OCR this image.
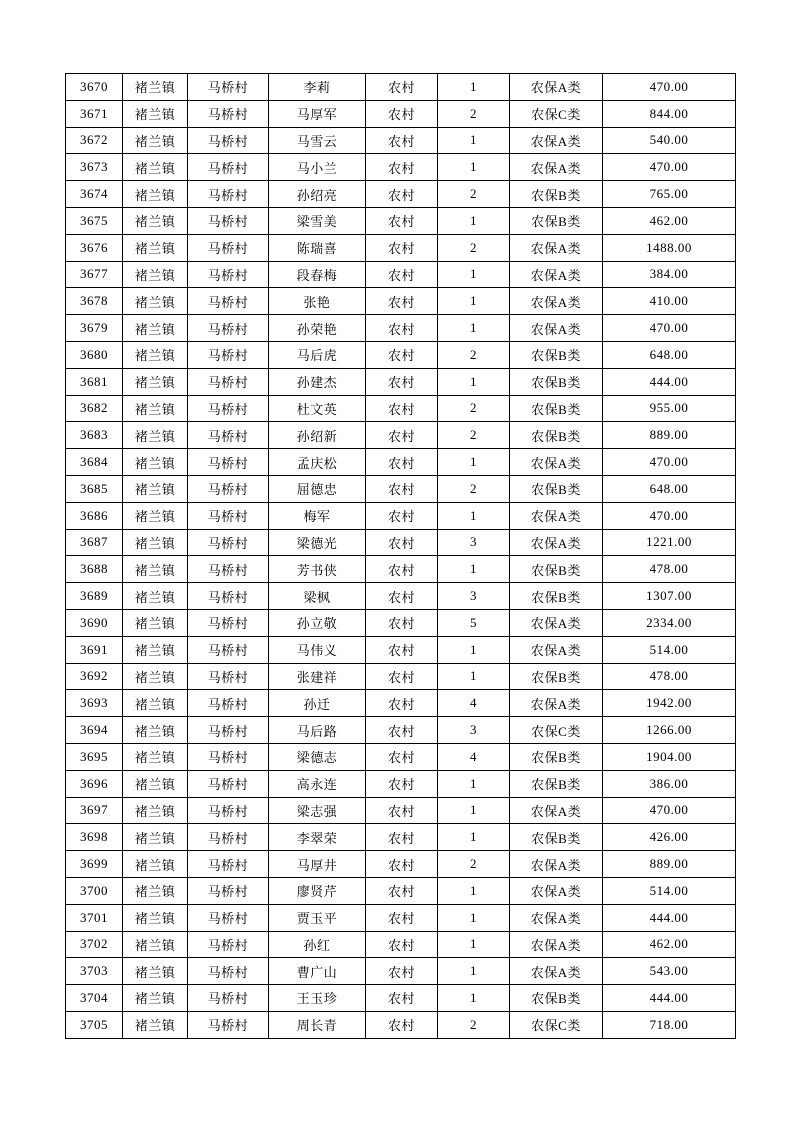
3670	褚兰镇	马桥村	李莉	农村	1	农保A类	470.00
3671	褚兰镇	马桥村	马厚军	农村	2	农保C类	844.00
3672	褚兰镇	马桥村	马雪云	农村	1	农保A类	540.00
3673	褚兰镇	马桥村	马小兰	农村	1	农保A类	470.00
3674	褚兰镇	马桥村	孙绍亮	农村	2	农保B类	765.00
3675	褚兰镇	马桥村	梁雪美	农村	1	农保B类	462.00
3676	褚兰镇	马桥村	陈瑞喜	农村	2	农保A类	1488.00
3677	褚兰镇	马桥村	段春梅	农村	1	农保A类	384.00
3678	褚兰镇	马桥村	张艳	农村	1	农保A类	410.00
3679	褚兰镇	马桥村	孙荣艳	农村	1	农保A类	470.00
3680	褚兰镇	马桥村	马后虎	农村	2	农保B类	648.00
3681	褚兰镇	马桥村	孙建杰	农村	1	农保B类	444.00
3682	褚兰镇	马桥村	杜文英	农村	2	农保B类	955.00
3683	褚兰镇	马桥村	孙绍新	农村	2	农保B类	889.00
3684	褚兰镇	马桥村	孟庆松	农村	1	农保A类	470.00
3685	褚兰镇	马桥村	屈德忠	农村	2	农保B类	648.00
3686	褚兰镇	马桥村	梅军	农村	1	农保A类	470.00
3687	褚兰镇	马桥村	梁德光	农村	3	农保A类	1221.00
3688	褚兰镇	马桥村	芳书侠	农村	1	农保B类	478.00
3689	褚兰镇	马桥村	梁枫	农村	3	农保B类	1307.00
3690	褚兰镇	马桥村	孙立敬	农村	5	农保A类	2334.00
3691	褚兰镇	马桥村	马伟义	农村	1	农保A类	514.00
3692	褚兰镇	马桥村	张建祥	农村	1	农保B类	478.00
3693	褚兰镇	马桥村	孙迁	农村	4	农保A类	1942.00
3694	褚兰镇	马桥村	马后路	农村	3	农保C类	1266.00
3695	褚兰镇	马桥村	梁德志	农村	4	农保B类	1904.00
3696	褚兰镇	马桥村	高永连	农村	1	农保B类	386.00
3697	褚兰镇	马桥村	梁志强	农村	1	农保A类	470.00
3698	褚兰镇	马桥村	李翠荣	农村	1	农保B类	426.00
3699	褚兰镇	马桥村	马厚井	农村	2	农保A类	889.00
3700	褚兰镇	马桥村	廖贤芹	农村	1	农保A类	514.00
3701	褚兰镇	马桥村	贾玉平	农村	1	农保A类	444.00
3702	褚兰镇	马桥村	孙红	农村	1	农保A类	462.00
3703	褚兰镇	马桥村	曹广山	农村	1	农保A类	543.00
3704	褚兰镇	马桥村	王玉珍	农村	1	农保B类	444.00
3705	褚兰镇	马桥村	周长青	农村	2	农保C类	718.00
